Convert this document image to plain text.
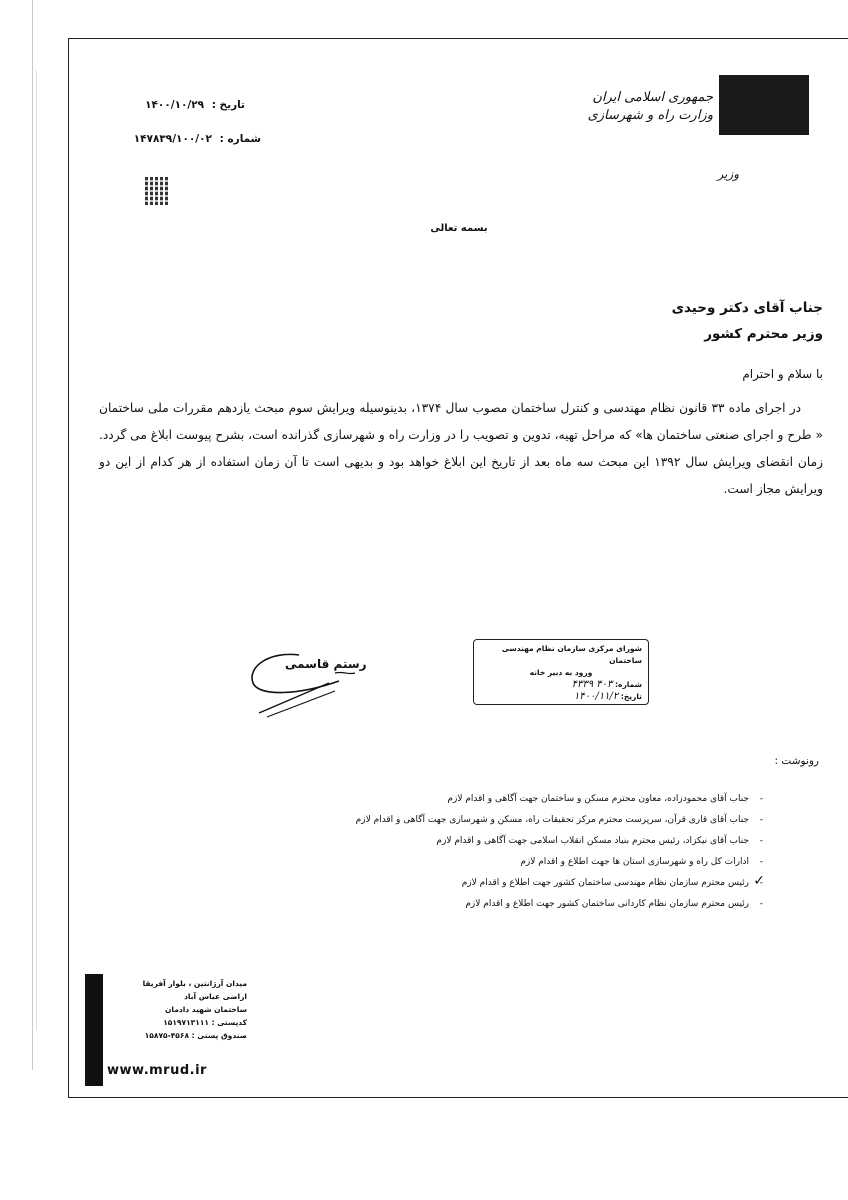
جمهوری اسلامی ایران
وزارت راه و شهرسازی
وزیر
تاریخ : ۱۴۰۰/۱۰/۲۹
شماره : ۱۴۷۸۳۹/۱۰۰/۰۲
بسمه تعالی
جناب آقای دکتر وحیدی
وزیر محترم کشور
با سلام و احترام

در اجرای ماده ۳۳ قانون نظام مهندسی و کنترل ساختمان مصوب سال ۱۳۷۴، بدینوسیله ویرایش سوم مبحث یازدهم مقررات ملی ساختمان « طرح و اجرای صنعتی ساختمان ها» که مراحل تهیه، تدوین و تصویب را در وزارت راه و شهرسازی گذرانده است، بشرح پیوست ابلاغ می گردد. زمان انقضای ویرایش سال ۱۳۹۲ این مبحث سه ماه بعد از تاریخ این ابلاغ خواهد بود و بدیهی است تا آن زمان استفاده از هر کدام از این دو ویرایش مجاز است.

رستم قاسمی
شورای مرکزی سازمان نظام مهندسی ساختمان
ورود به دبیر خانه
شماره: ۴۰۳ ۴۳۳۹
تاریخ: ۱۴۰۰/۱۱/۲
رونوشت :
- جناب آقای محمودزاده، معاون محترم مسکن و ساختمان جهت آگاهی و اقدام لازم
- جناب آقای قاری قرآن، سرپرست محترم مرکز تحقیقات راه، مسکن و شهرسازی جهت آگاهی و اقدام لازم
- جناب آقای نیکزاد، رئیس محترم بنیاد مسکن انقلاب اسلامی جهت آگاهی و اقدام لازم
- ادارات کل راه و شهرسازی استان ها جهت اطلاع و اقدام لازم
- ✓
رئیس محترم سازمان نظام مهندسی ساختمان کشور جهت اطلاع و اقدام لازم
- رئیس محترم سازمان نظام کاردانی ساختمان کشور جهت اطلاع و اقدام لازم
میدان آرژانتین ، بلوار آفریقا
اراضی عباس آباد
ساختمان شهید دادمان
کدپستی : ۱۵۱۹۷۱۳۱۱۱
صندوق پستی : ۴۵۶۸-۱۵۸۷۵
www.mrud.ir
